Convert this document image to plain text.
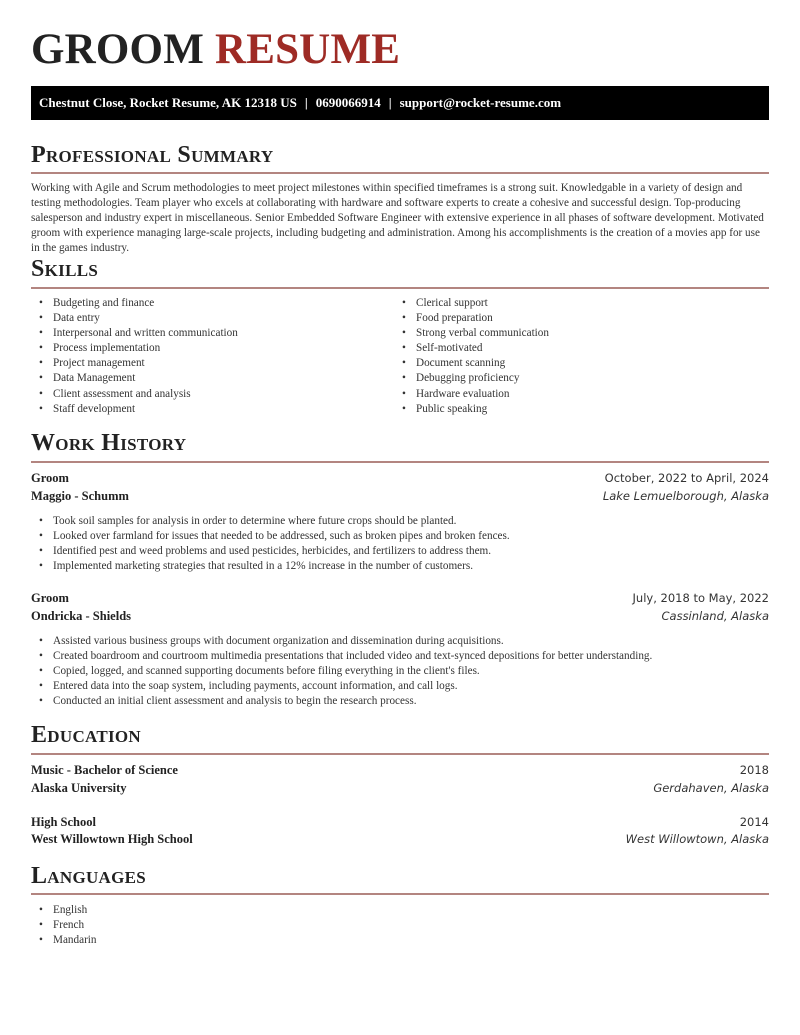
GROOM RESUME
Chestnut Close, Rocket Resume, AK 12318 US | 0690066914 | support@rocket-resume.com
Professional Summary

Working with Agile and Scrum methodologies to meet project milestones within specified timeframes is a strong suit. Knowledgable in a variety of design and testing methodologies. Team player who excels at collaborating with hardware and software experts to create a cohesive and successful design. Top-producing salesperson and industry expert in miscellaneous. Senior Embedded Software Engineer with extensive experience in all phases of software development. Motivated groom with experience managing large-scale projects, including budgeting and administration. Among his accomplishments is the creation of a movies app for use in the games industry.

Skills
• Budgeting and finance
• Data entry
• Interpersonal and written communication
• Process implementation
• Project management
• Data Management
• Client assessment and analysis
• Staff development
• Clerical support
• Food preparation
• Strong verbal communication
• Self-motivated
• Document scanning
• Debugging proficiency
• Hardware evaluation
• Public speaking
Work History
Groom	October, 2022 to April, 2024
Maggio - Schumm	Lake Lemuelborough, Alaska
• Took soil samples for analysis in order to determine where future crops should be planted.
• Looked over farmland for issues that needed to be addressed, such as broken pipes and broken fences.
• Identified pest and weed problems and used pesticides, herbicides, and fertilizers to address them.
• Implemented marketing strategies that resulted in a 12% increase in the number of customers.
Groom	July, 2018 to May, 2022
Ondricka - Shields	Cassinland, Alaska
• Assisted various business groups with document organization and dissemination during acquisitions.
• Created boardroom and courtroom multimedia presentations that included video and text-synced depositions for better understanding.
• Copied, logged, and scanned supporting documents before filing everything in the client's files.
• Entered data into the soap system, including payments, account information, and call logs.
• Conducted an initial client assessment and analysis to begin the research process.
Education
Music - Bachelor of Science	2018
Alaska University	Gerdahaven, Alaska
High School	2014
West Willowtown High School	West Willowtown, Alaska
Languages
• English
• French
• Mandarin
